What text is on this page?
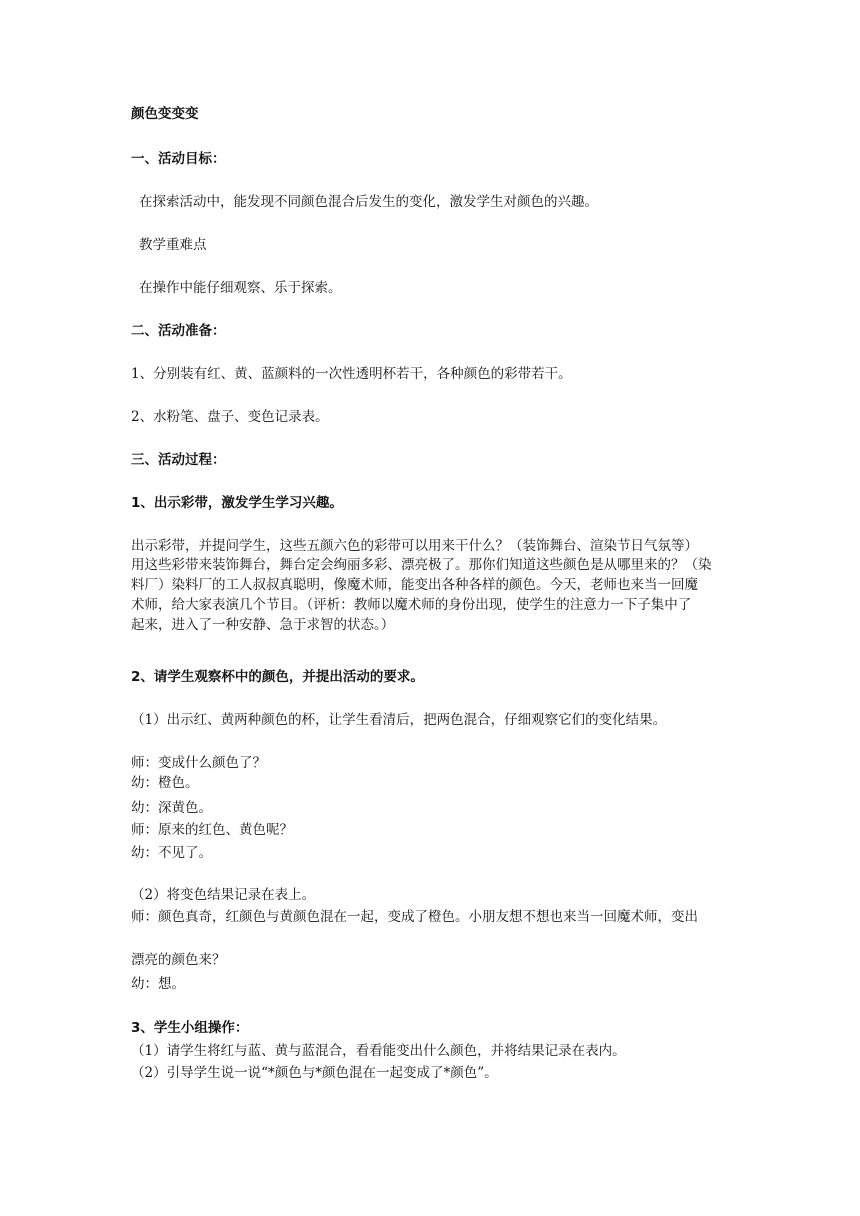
颜色变变变
一、活动目标：
在探索活动中，能发现不同颜色混合后发生的变化，激发学生对颜色的兴趣。
教学重难点
在操作中能仔细观察、乐于探索。
二、活动准备：
1、分别装有红、黄、蓝颜料的一次性透明杯若干，各种颜色的彩带若干。
2、水粉笔、盘子、变色记录表。
三、活动过程：
1、出示彩带，激发学生学习兴趣。
出示彩带，并提问学生，这些五颜六色的彩带可以用来干什么？（装饰舞台、渲染节日气氛等）
用这些彩带来装饰舞台，舞台定会绚丽多彩、漂亮极了。那你们知道这些颜色是从哪里来的？（染
料厂）染料厂的工人叔叔真聪明，像魔术师，能变出各种各样的颜色。今天，老师也来当一回魔
术师，给大家表演几个节目。（评析：教师以魔术师的身份出现，使学生的注意力一下子集中了
起来，进入了一种安静、急于求智的状态。）
2、请学生观察杯中的颜色，并提出活动的要求。
（1）出示红、黄两种颜色的杯，让学生看清后，把两色混合，仔细观察它们的变化结果。
师：变成什么颜色了？
幼：橙色。
幼：深黄色。
师：原来的红色、黄色呢？
幼：不见了。
（2）将变色结果记录在表上。
师：颜色真奇，红颜色与黄颜色混在一起，变成了橙色。小朋友想不想也来当一回魔术师，变出
漂亮的颜色来？
幼：想。
3、学生小组操作：
（1）请学生将红与蓝、黄与蓝混合，看看能变出什么颜色，并将结果记录在表内。
（2）引导学生说一说“*颜色与*颜色混在一起变成了*颜色”。
